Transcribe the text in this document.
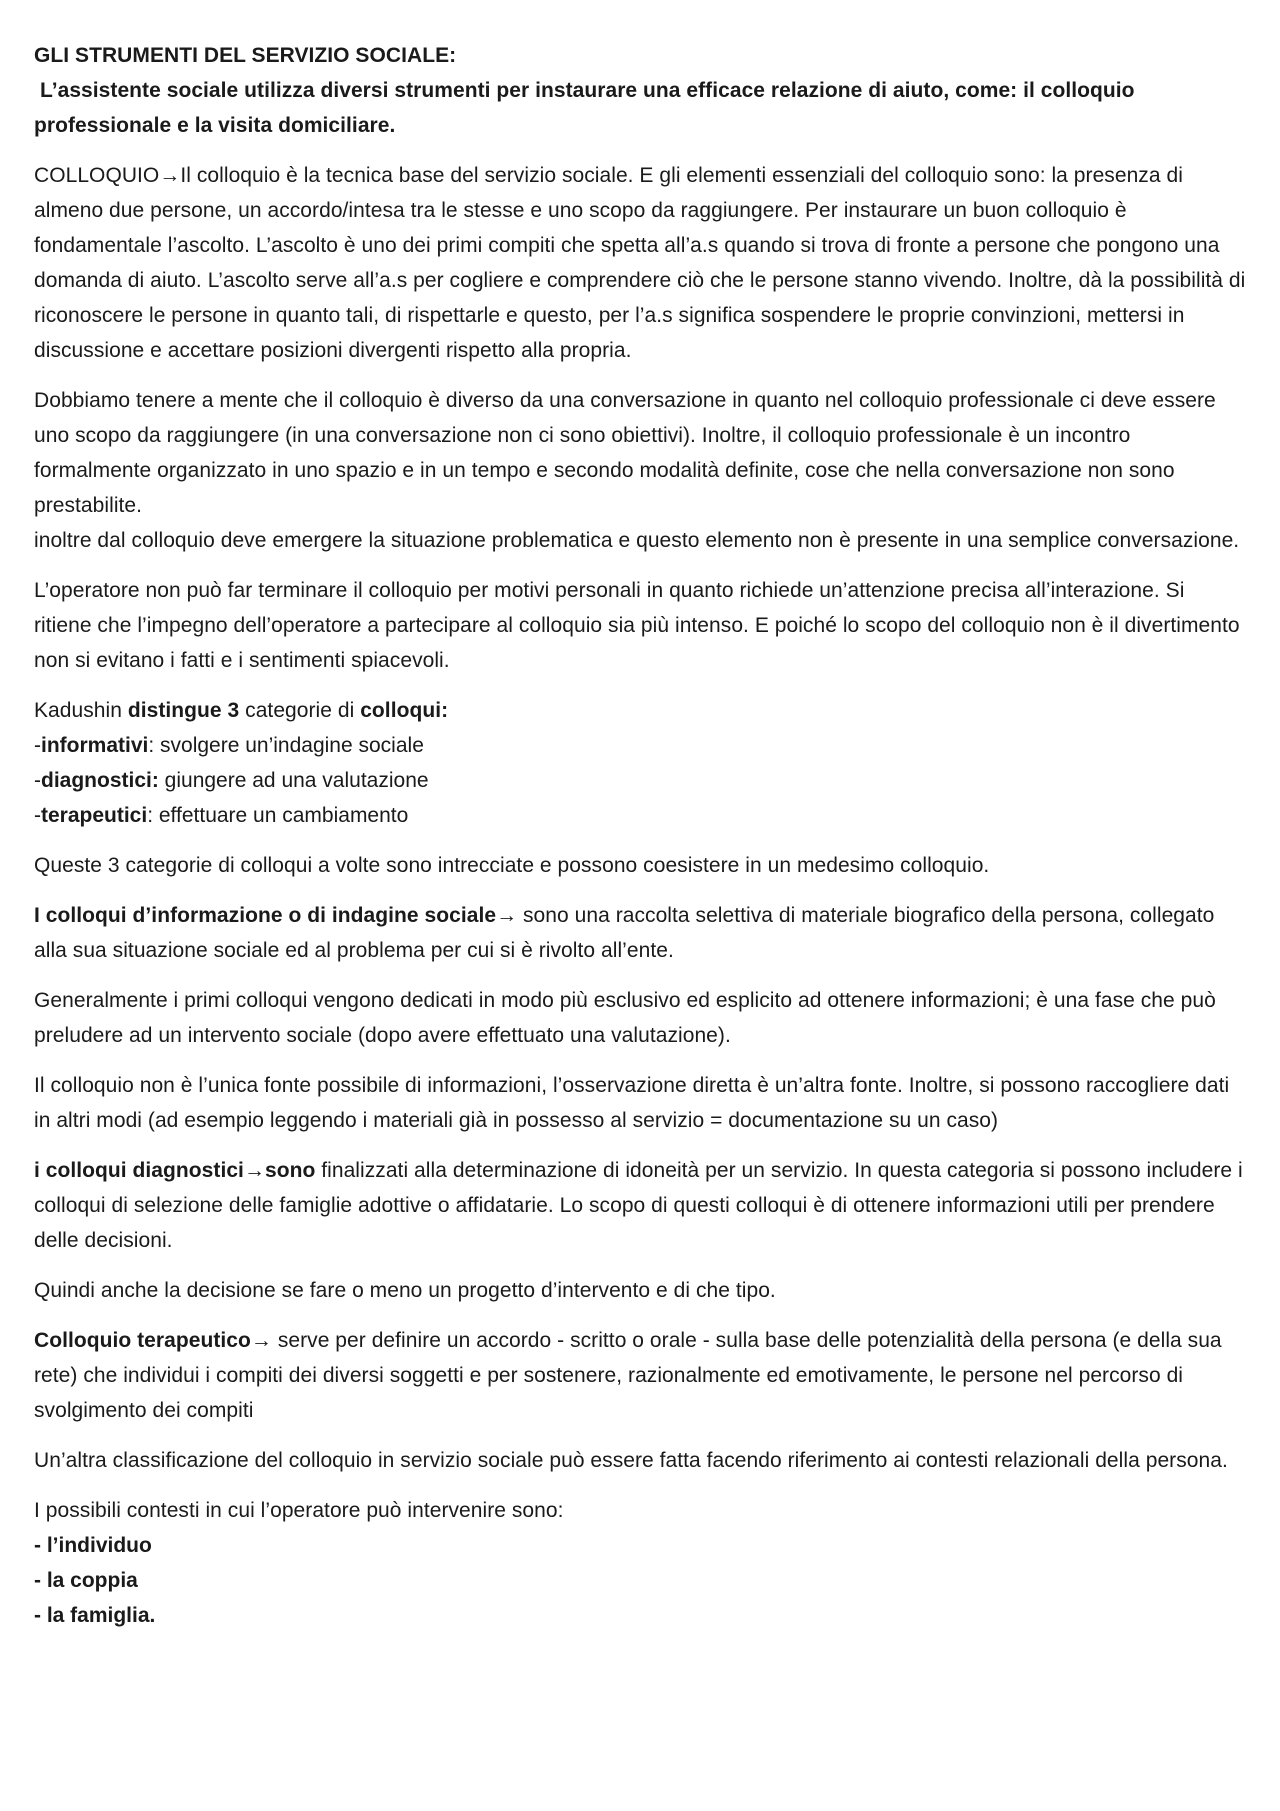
GLI STRUMENTI DEL SERVIZIO SOCIALE:

L’assistente sociale utilizza diversi strumenti per instaurare una efficace relazione di aiuto, come: il colloquio

professionale e la visita domiciliare.

COLLOQUIO→Il colloquio è la tecnica base del servizio sociale. E gli elementi essenziali del colloquio sono: la presenza di almeno due persone, un accordo/intesa tra le stesse e uno scopo da raggiungere. Per instaurare un buon colloquio è fondamentale l’ascolto. L’ascolto è uno dei primi compiti che spetta all’a.s quando si trova di fronte a persone che pongono una domanda di aiuto. L’ascolto serve all’a.s per cogliere e comprendere ciò che le persone stanno vivendo. Inoltre, dà la possibilità di riconoscere le persone in quanto tali, di rispettarle e questo, per l’a.s significa sospendere le proprie convinzioni, mettersi in discussione e accettare posizioni divergenti rispetto alla propria.

Dobbiamo tenere a mente che il colloquio è diverso da una conversazione in quanto nel colloquio professionale ci deve essere uno scopo da raggiungere (in una conversazione non ci sono obiettivi). Inoltre, il colloquio professionale è un incontro formalmente organizzato in uno spazio e in un tempo e secondo modalità definite, cose che nella conversazione non sono prestabilite.

inoltre dal colloquio deve emergere la situazione problematica e questo elemento non è presente in una semplice conversazione.

L’operatore non può far terminare il colloquio per motivi personali in quanto richiede un’attenzione precisa all’interazione. Si ritiene che l’impegno dell’operatore a partecipare al colloquio sia più intenso. E poiché lo scopo del colloquio non è il divertimento non si evitano i fatti e i sentimenti spiacevoli.

Kadushin distingue 3 categorie di colloqui:

-informativi: svolgere un’indagine sociale
-diagnostici: giungere ad una valutazione
-terapeutici: effettuare un cambiamento

Queste 3 categorie di colloqui a volte sono intrecciate e possono coesistere in un medesimo colloquio.

I colloqui d’informazione o di indagine sociale→ sono una raccolta selettiva di materiale biografico della persona, collegato alla sua situazione sociale ed al problema per cui si è rivolto all’ente.

Generalmente i primi colloqui vengono dedicati in modo più esclusivo ed esplicito ad ottenere informazioni; è una fase che può preludere ad un intervento sociale (dopo avere effettuato una valutazione).

Il colloquio non è l’unica fonte possibile di informazioni, l’osservazione diretta è un’altra fonte. Inoltre, si possono raccogliere dati in altri modi (ad esempio leggendo i materiali già in possesso al servizio = documentazione su un caso)

i colloqui diagnostici→sono finalizzati alla determinazione di idoneità per un servizio. In questa categoria si possono includere i colloqui di selezione delle famiglie adottive o affidatarie. Lo scopo di questi colloqui è di ottenere informazioni utili per prendere delle decisioni.

Quindi anche la decisione se fare o meno un progetto d’intervento e di che tipo.

Colloquio terapeutico→ serve per definire un accordo - scritto o orale - sulla base delle potenzialità della persona (e della sua rete) che individui i compiti dei diversi soggetti e per sostenere, razionalmente ed emotivamente, le persone nel percorso di svolgimento dei compiti

Un’altra classificazione del colloquio in servizio sociale può essere fatta facendo riferimento ai contesti relazionali della persona.

I possibili contesti in cui l’operatore può intervenire sono:

- l’individuo
- la coppia
- la famiglia.
